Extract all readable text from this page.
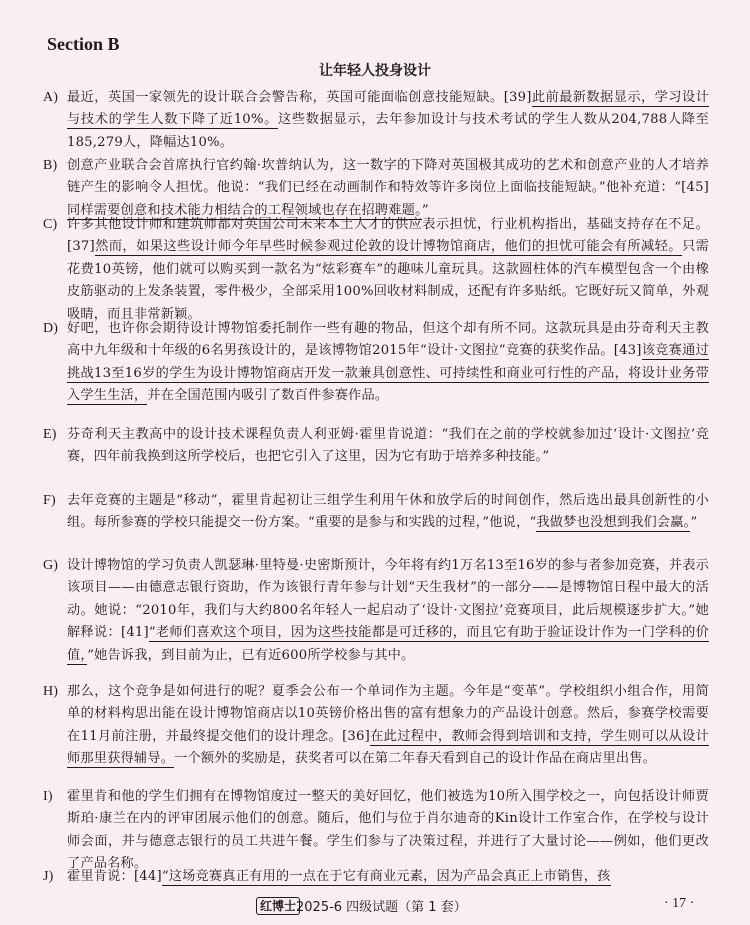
Section B
让年轻人投身设计
A) 最近，英国一家领先的设计联合会警告称，英国可能面临创意技能短缺。[39]此前最新数据显示，学习设计与技术的学生人数下降了近10%。这些数据显示，去年参加设计与技术考试的学生人数从204,788人降至185,279人，降幅达10%。
B) 创意产业联合会首席执行官约翰·坎普纳认为，这一数字的下降对英国极其成功的艺术和创意产业的人才培养链产生的影响令人担忧。他说：“我们已经在动画制作和特效等许多岗位上面临技能短缺。”他补充道：“[45]同样需要创意和技术能力相结合的工程领域也存在招聘难题。”
C) 许多其他设计师和建筑师都对英国公司未来本土人才的供应表示担忧，行业机构指出，基础支持存在不足。[37]然而，如果这些设计师今年早些时候参观过伦敦的设计博物馆商店，他们的担忧可能会有所减轻。只需花费10英镑，他们就可以购买到一款名为“炫彩赛车”的趣味儿童玩具。这款圆柱体的汽车模型包含一个由橡皮筋驱动的上发条装置，零件极少，全部采用100%回收材料制成，还配有许多贴纸。它既好玩又简单，外观吸睛，而且非常新颖。
D) 好吧，也许你会期待设计博物馆委托制作一些有趣的物品，但这个却有所不同。这款玩具是由芬奇利天主教高中九年级和十年级的6名男孩设计的，是该博物馆2015年“设计·文图拉”竞赛的获奖作品。[43]该竞赛通过挑战13至16岁的学生为设计博物馆商店开发一款兼具创意性、可持续性和商业可行性的产品，将设计业务带入学生生活，并在全国范围内吸引了数百件参赛作品。
E) 芬奇利天主教高中的设计技术课程负责人利亚姆·霍里肯说道：“我们在之前的学校就参加过‘设计·文图拉’竞赛，四年前我换到这所学校后，也把它引入了这里，因为它有助于培养多种技能。”
F) 去年竞赛的主题是“移动”，霍里肯起初让三组学生利用午休和放学后的时间创作，然后选出最具创新性的小组。每所参赛的学校只能提交一份方案。“重要的是参与和实践的过程，”他说，“我做梦也没想到我们会赢。”
G) 设计博物馆的学习负责人凯瑟琳·里特曼·史密斯预计，今年将有约1万名13至16岁的参与者参加竞赛，并表示该项目——由德意志银行资助，作为该银行青年参与计划“天生我材”的一部分——是博物馆日程中最大的活动。她说：“2010年，我们与大约800名年轻人一起启动了‘设计·文图拉’竞赛项目，此后规模逐步扩大。”她解释说：[41]“老师们喜欢这个项目，因为这些技能都是可迁移的，而且它有助于验证设计作为一门学科的价值，”她告诉我，到目前为止，已有近600所学校参与其中。
H) 那么，这个竞争是如何进行的呢？夏季会公布一个单词作为主题。今年是“变革”。学校组织小组合作，用简单的材料构思出能在设计博物馆商店以10英镑价格出售的富有想象力的产品设计创意。然后，参赛学校需要在11月前注册，并最终提交他们的设计理念。[36]在此过程中，教师会得到培训和支持，学生则可以从设计师那里获得辅导。一个额外的奖励是，获奖者可以在第二年春天看到自己的设计作品在商店里出售。
I)	霍里肯和他的学生们拥有在博物馆度过一整天的美好回忆，他们被选为10所入围学校之一，向包括设计师贾斯珀·康兰在内的评审团展示他们的创意。随后，他们与位于肖尔迪奇的Kin设计工作室合作，在学校与设计师会面，并与德意志银行的员工共进午餐。学生们参与了决策过程，并进行了大量讨论——例如，他们更改了产品名称。
J)	霍里肯说：[44]“这场竞赛真正有用的一点在于它有商业元素，因为产品会真正上市销售，孩
红博士 2025-6 四级试题（第 1 套）	· 17 ·
